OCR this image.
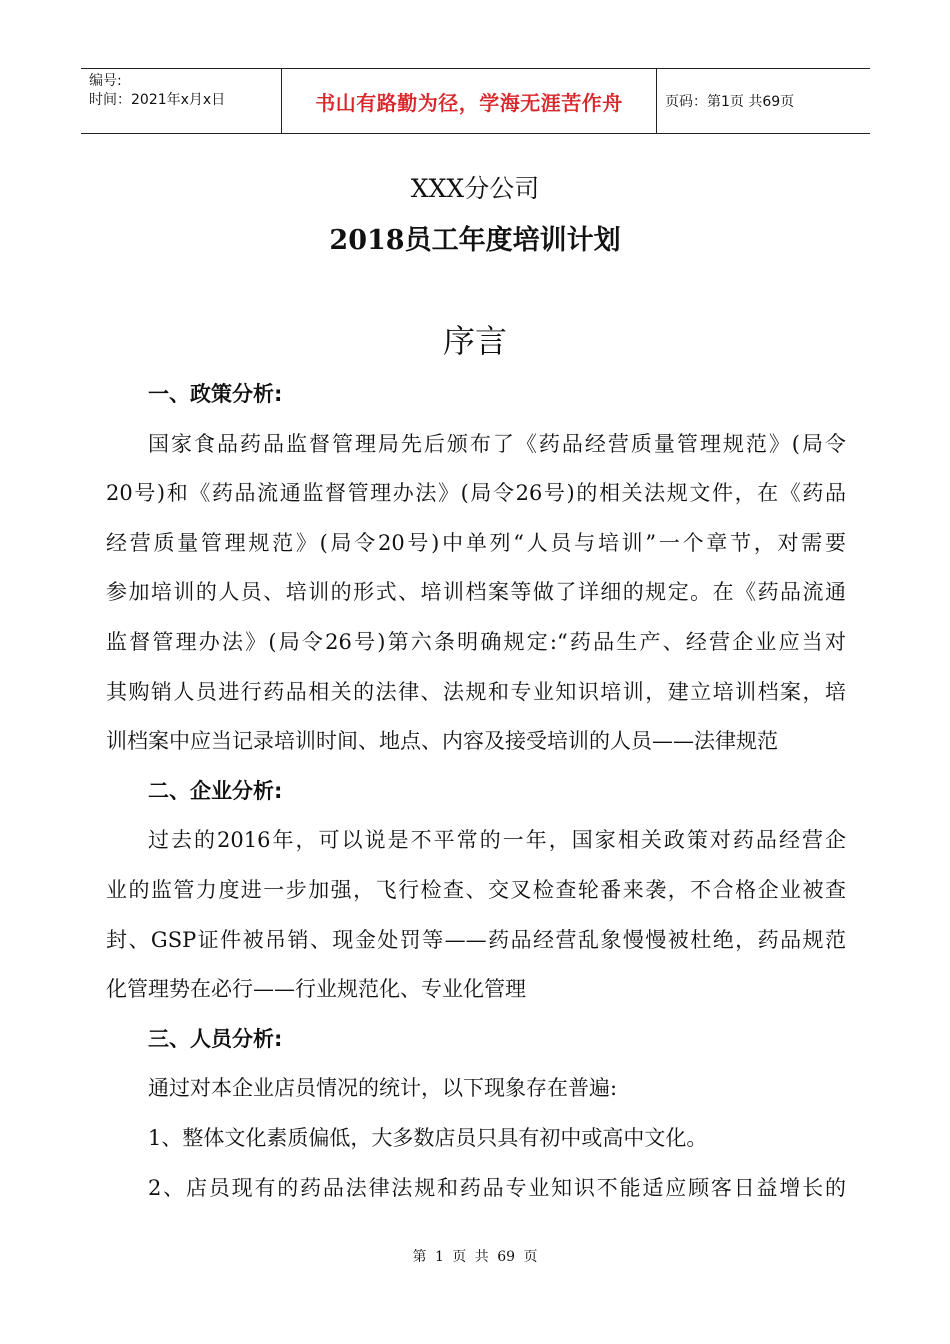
编号:
时间：2021年x月x日	书山有路勤为径，学海无涯苦作舟	页码：第1页 共69页
XXX分公司
2018员工年度培训计划
序言
一、政策分析:
国家食品药品监督管理局先后颁布了《药品经营质量管理规范》(局令
20号)和《药品流通监督管理办法》(局令26号)的相关法规文件，在《药品
经营质量管理规范》(局令20号)中单列“人员与培训”一个章节，对需要
参加培训的人员、培训的形式、培训档案等做了详细的规定。在《药品流通
监督管理办法》(局令26号)第六条明确规定:“药品生产、经营企业应当对
其购销人员进行药品相关的法律、法规和专业知识培训，建立培训档案，培
训档案中应当记录培训时间、地点、内容及接受培训的人员——法律规范
二、企业分析:
过去的2016年，可以说是不平常的一年，国家相关政策对药品经营企
业的监管力度进一步加强，飞行检查、交叉检查轮番来袭，不合格企业被查
封、GSP证件被吊销、现金处罚等——药品经营乱象慢慢被杜绝，药品规范
化管理势在必行——行业规范化、专业化管理
三、人员分析:
通过对本企业店员情况的统计，以下现象存在普遍:
1、整体文化素质偏低，大多数店员只具有初中或高中文化。
2、店员现有的药品法律法规和药品专业知识不能适应顾客日益增长的
第 1 页 共 69 页
